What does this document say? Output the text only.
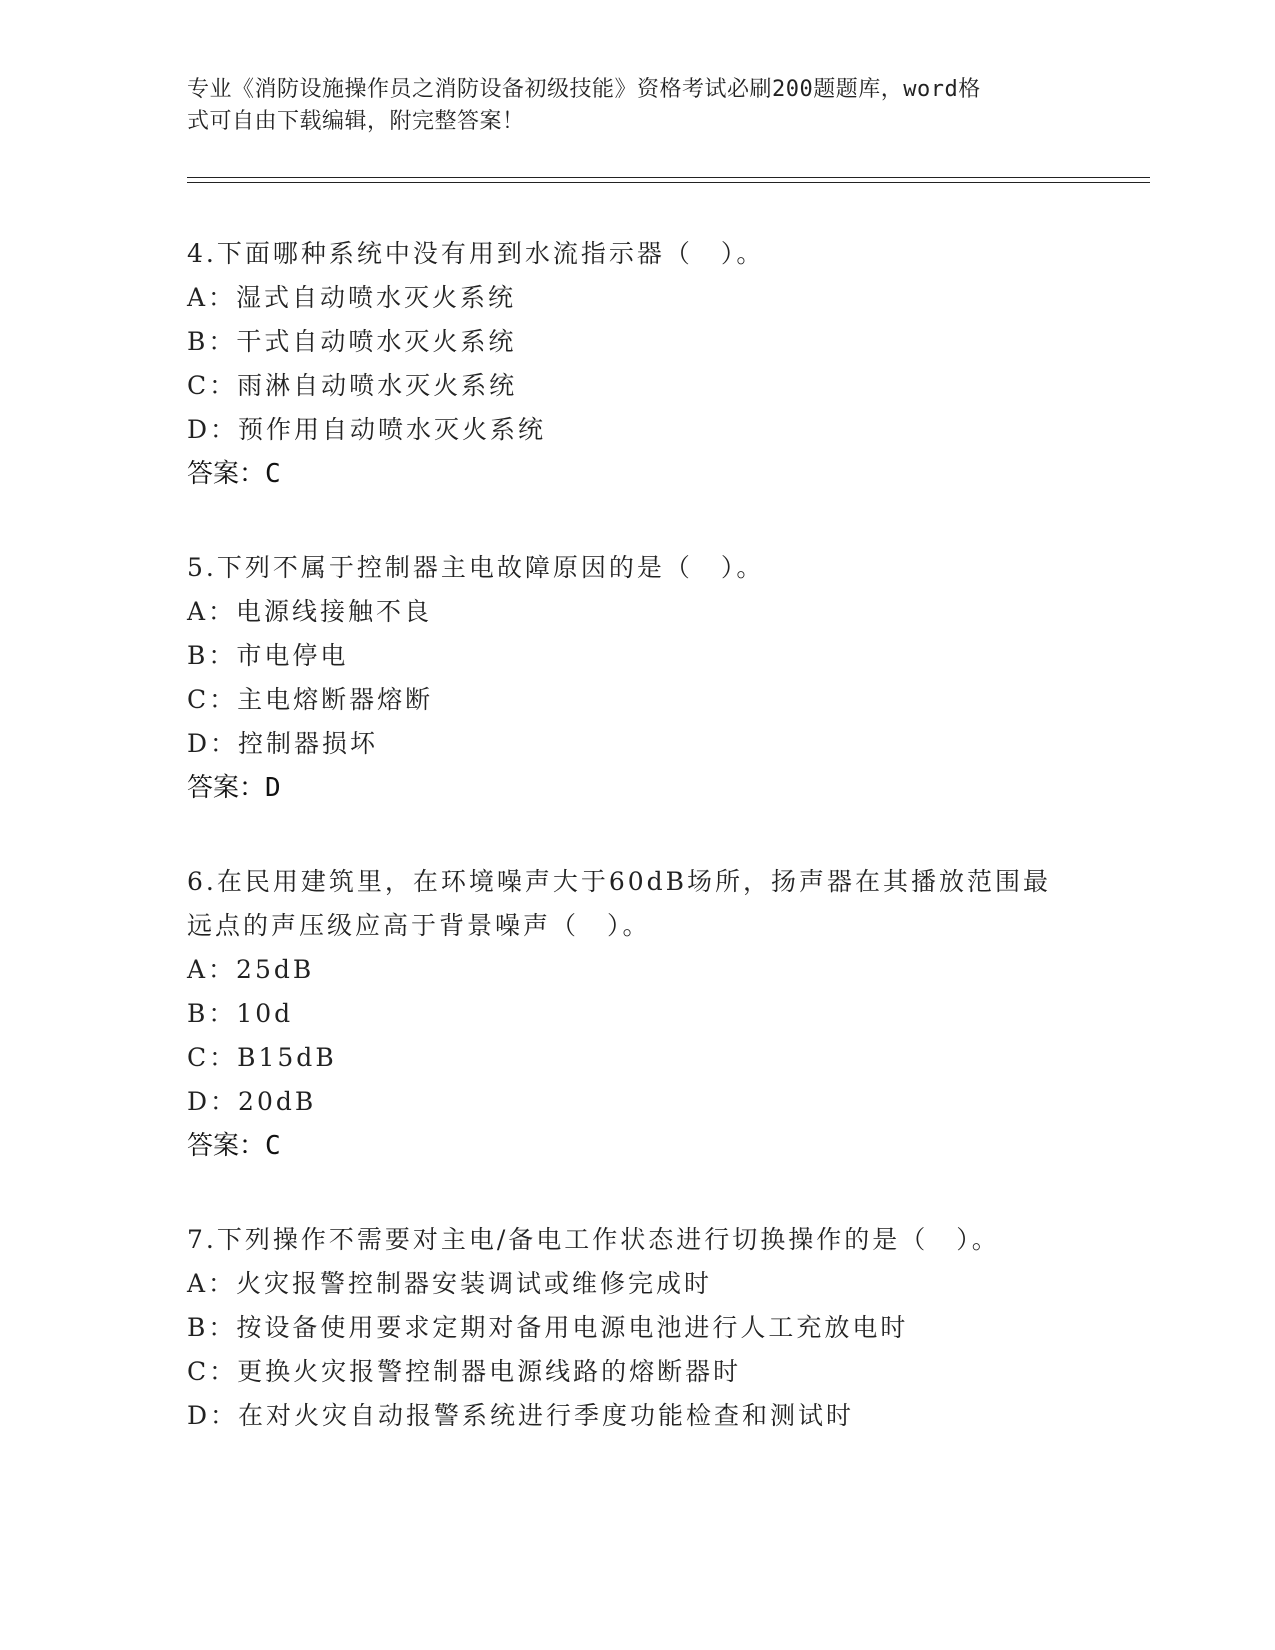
专业《消防设施操作员之消防设备初级技能》资格考试必刷200题题库，word格
式可自由下载编辑，附完整答案！
4.下面哪种系统中没有用到水流指示器（　）。
A：湿式自动喷水灭火系统
B：干式自动喷水灭火系统
C：雨淋自动喷水灭火系统
D：预作用自动喷水灭火系统
答案：C
5.下列不属于控制器主电故障原因的是（　）。
A：电源线接触不良
B：市电停电
C：主电熔断器熔断
D：控制器损坏
答案：D
6.在民用建筑里，在环境噪声大于60dB场所，扬声器在其播放范围最
远点的声压级应高于背景噪声（　）。
A：25dB
B：10d
C：B15dB
D：20dB
答案：C
7.下列操作不需要对主电/备电工作状态进行切换操作的是（　）。
A：火灾报警控制器安装调试或维修完成时
B：按设备使用要求定期对备用电源电池进行人工充放电时
C：更换火灾报警控制器电源线路的熔断器时
D：在对火灾自动报警系统进行季度功能检查和测试时
